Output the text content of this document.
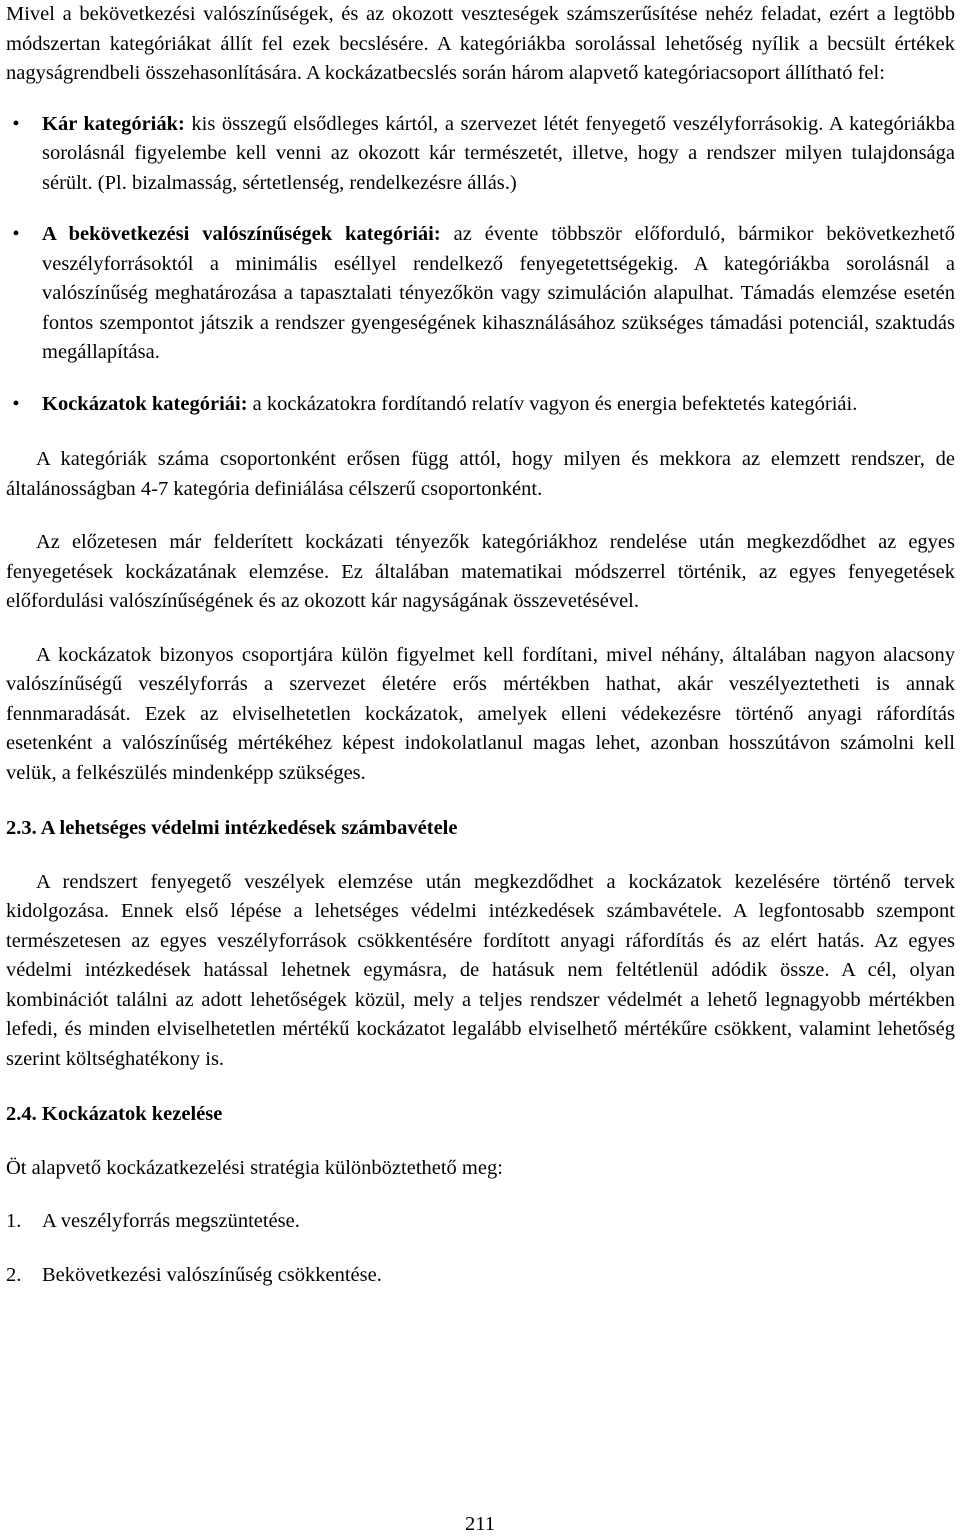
Mivel a bekövetkezési valószínűségek, és az okozott veszteségek számszerűsítése nehéz feladat, ezért a legtöbb módszertan kategóriákat állít fel ezek becslésére. A kategóriákba sorolással lehetőség nyílik a becsült értékek nagyságrendbeli összehasonlítására. A kockázatbecslés során három alapvető kategóriacsoport állítható fel:

•	Kár kategóriák: kis összegű elsődleges kártól, a szervezet létét fenyegető veszélyforrásokig. A kategóriákba sorolásnál figyelembe kell venni az okozott kár természetét, illetve, hogy a rendszer milyen tulajdonsága sérült. (Pl. bizalmasság, sértetlenség, rendelkezésre állás.)
•	A bekövetkezési valószínűségek kategóriái: az évente többször előforduló, bármikor bekövetkezhető veszélyforrásoktól a minimális eséllyel rendelkező fenyegetettségekig. A kategóriákba sorolásnál a valószínűség meghatározása a tapasztalati tényezőkön vagy szimuláción alapulhat. Támadás elemzése esetén fontos szempontot játszik a rendszer gyengeségének kihasználásához szükséges támadási potenciál, szaktudás megállapítása.
•	Kockázatok kategóriái: a kockázatokra fordítandó relatív vagyon és energia befektetés kategóriái.

A kategóriák száma csoportonként erősen függ attól, hogy milyen és mekkora az elemzett rendszer, de általánosságban 4-7 kategória definiálása célszerű csoportonként.

Az előzetesen már felderített kockázati tényezők kategóriákhoz rendelése után megkezdődhet az egyes fenyegetések kockázatának elemzése. Ez általában matematikai módszerrel történik, az egyes fenyegetések előfordulási valószínűségének és az okozott kár nagyságának összevetésével.

A kockázatok bizonyos csoportjára külön figyelmet kell fordítani, mivel néhány, általában nagyon alacsony valószínűségű veszélyforrás a szervezet életére erős mértékben hathat, akár veszélyeztetheti is annak fennmaradását. Ezek az elviselhetetlen kockázatok, amelyek elleni védekezésre történő anyagi ráfordítás esetenként a valószínűség mértékéhez képest indokolatlanul magas lehet, azonban hosszútávon számolni kell velük, a felkészülés mindenképp szükséges.

2.3. A lehetséges védelmi intézkedések számbavétele

A rendszert fenyegető veszélyek elemzése után megkezdődhet a kockázatok kezelésére történő tervek kidolgozása. Ennek első lépése a lehetséges védelmi intézkedések számbavétele. A legfontosabb szempont természetesen az egyes veszélyforrások csökkentésére fordított anyagi ráfordítás és az elért hatás. Az egyes védelmi intézkedések hatással lehetnek egymásra, de hatásuk nem feltétlenül adódik össze. A cél, olyan kombinációt találni az adott lehetőségek közül, mely a teljes rendszer védelmét a lehető legnagyobb mértékben lefedi, és minden elviselhetetlen mértékű kockázatot legalább elviselhető mértékűre csökkent, valamint lehetőség szerint költséghatékony is.

2.4. Kockázatok kezelése

Öt alapvető kockázatkezelési stratégia különböztethető meg:

1. A veszélyforrás megszüntetése.
2. Bekövetkezési valószínűség csökkentése.
211
